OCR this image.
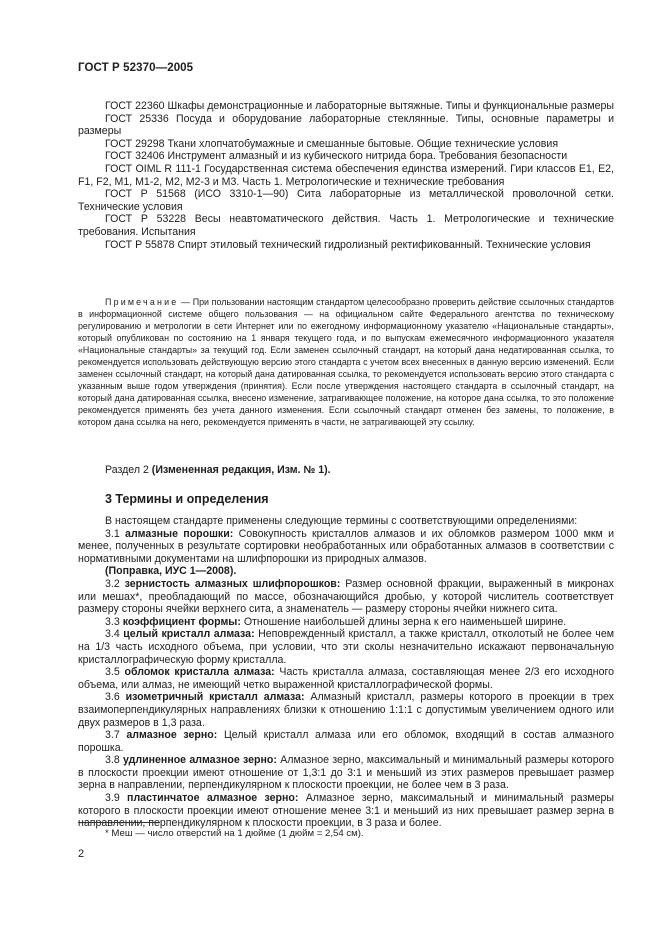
ГОСТ Р 52370—2005

ГОСТ 22360 Шкафы демонстрационные и лабораторные вытяжные. Типы и функциональные размеры

ГОСТ 25336 Посуда и оборудование лабораторные стеклянные. Типы, основные параметры и размеры

ГОСТ 29298 Ткани хлопчатобумажные и смешанные бытовые. Общие технические условия

ГОСТ 32406 Инструмент алмазный и из кубического нитрида бора. Требования безопасности

ГОСТ OIML R 111-1 Государственная система обеспечения единства измерений. Гири классов E1, E2, F1, F2, M1, M1-2, M2, M2-3 и M3. Часть 1. Метрологические и технические требования

ГОСТ Р 51568 (ИСО 3310-1—90) Сита лабораторные из металлической проволочной сетки. Технические условия

ГОСТ Р 53228 Весы неавтоматического действия. Часть 1. Метрологические и технические требования. Испытания

ГОСТ Р 55878 Спирт этиловый технический гидролизный ректификованный. Технические условия

Примечание — При пользовании настоящим стандартом целесообразно проверить действие ссылочных стандартов в информационной системе общего пользования — на официальном сайте Федерального агентства по техническому регулированию и метрологии в сети Интернет или по ежегодному информационному указателю «Национальные стандарты», который опубликован по состоянию на 1 января текущего года, и по выпускам ежемесячного информационного указателя «Национальные стандарты» за текущий год. Если заменен ссылочный стандарт, на который дана недатированная ссылка, то рекомендуется использовать действующую версию этого стандарта с учетом всех внесенных в данную версию изменений. Если заменен ссылочный стандарт, на который дана датированная ссылка, то рекомендуется использовать версию этого стандарта с указанным выше годом утверждения (принятия). Если после утверждения настоящего стандарта в ссылочный стандарт, на который дана датированная ссылка, внесено изменение, затрагивающее положение, на которое дана ссылка, то это положение рекомендуется применять без учета данного изменения. Если ссылочный стандарт отменен без замены, то положение, в котором дана ссылка на него, рекомендуется применять в части, не затрагивающей эту ссылку.

Раздел 2 (Измененная редакция, Изм. № 1).

3 Термины и определения

В настоящем стандарте применены следующие термины с соответствующими определениями:

3.1 алмазные порошки: Совокупность кристаллов алмазов и их обломков размером 1000 мкм и менее, полученных в результате сортировки необработанных или обработанных алмазов в соответствии с нормативными документами на шлифпорошки из природных алмазов.

(Поправка, ИУС 1—2008).

3.2 зернистость алмазных шлифпорошков: Размер основной фракции, выраженный в микронах или мешах*, преобладающий по массе, обозначающийся дробью, у которой числитель соответствует размеру стороны ячейки верхнего сита, а знаменатель — размеру стороны ячейки нижнего сита.

3.3 коэффициент формы: Отношение наибольшей длины зерна к его наименьшей ширине.

3.4 целый кристалл алмаза: Неповрежденный кристалл, а также кристалл, отколотый не более чем на 1/3 часть исходного объема, при условии, что эти сколы незначительно искажают первоначальную кристаллографическую форму кристалла.

3.5 обломок кристалла алмаза: Часть кристалла алмаза, составляющая менее 2/3 его исходного объема, или алмаз, не имеющий четко выраженной кристаллографической формы.

3.6 изометричный кристалл алмаза: Алмазный кристалл, размеры которого в проекции в трех взаимоперпендикулярных направлениях близки к отношению 1:1:1 с допустимым увеличением одного или двух размеров в 1,3 раза.

3.7 алмазное зерно: Целый кристалл алмаза или его обломок, входящий в состав алмазного порошка.

3.8 удлиненное алмазное зерно: Алмазное зерно, максимальный и минимальный размеры которого в плоскости проекции имеют отношение от 1,3:1 до 3:1 и меньший из этих размеров превышает размер зерна в направлении, перпендикулярном к плоскости проекции, не более чем в 3 раза.

3.9 пластинчатое алмазное зерно: Алмазное зерно, максимальный и минимальный размеры которого в плоскости проекции имеют отношение менее 3:1 и меньший из них превышает размер зерна в направлении, перпендикулярном к плоскости проекции, в 3 раза и более.

* Меш — число отверстий на 1 дюйме (1 дюйм = 2,54 см).
2
